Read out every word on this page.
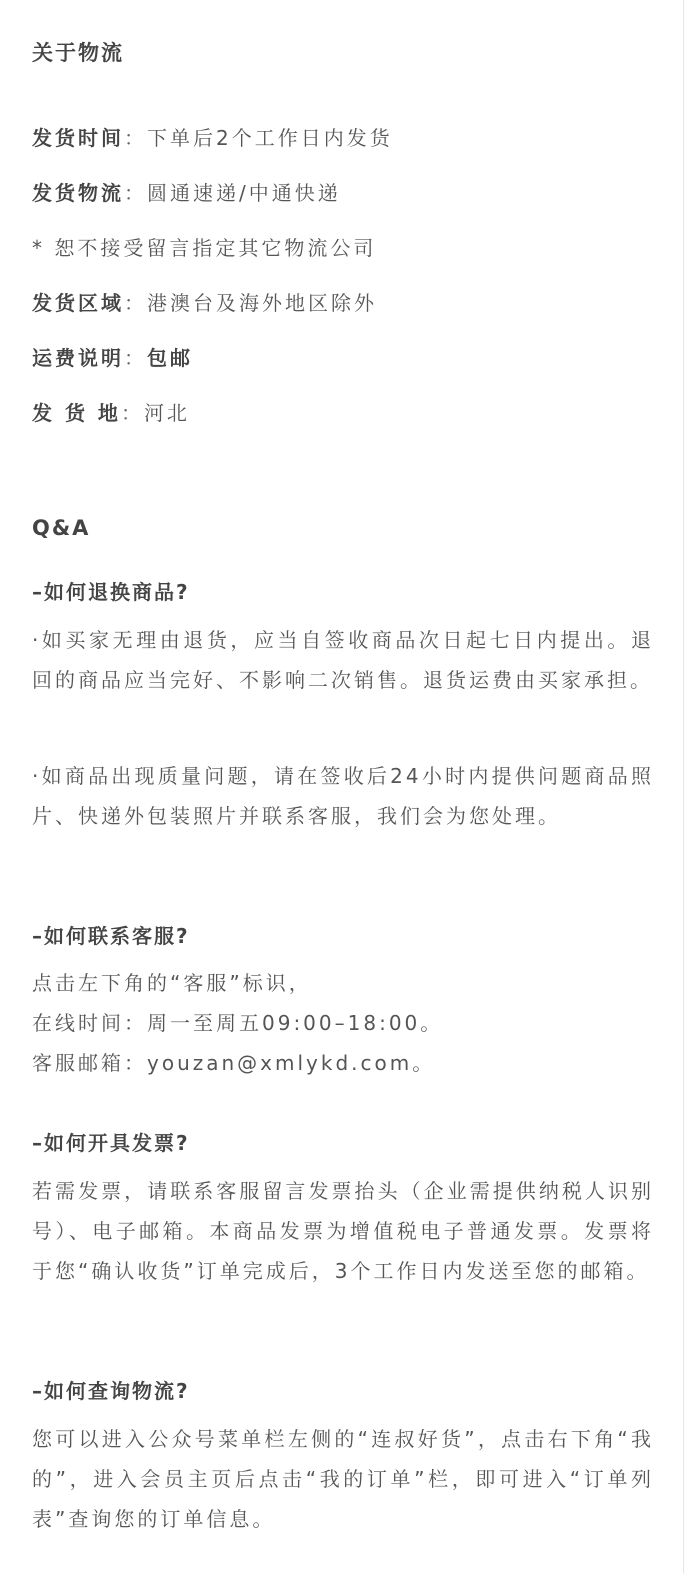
关于物流
发货时间：下单后2个工作日内发货
发货物流：圆通速递/中通快递
* 恕不接受留言指定其它物流公司
发货区域：港澳台及海外地区除外
运费说明：包邮
发 货 地：河北
Q&A
–如何退换商品?

·如买家无理由退货，应当自签收商品次日起七日内提出。退回的商品应当完好、不影响二次销售。退货运费由买家承担。

·如商品出现质量问题，请在签收后24小时内提供问题商品照片、快递外包装照片并联系客服，我们会为您处理。

–如何联系客服?
点击左下角的“客服”标识，
在线时间：周一至周五09:00–18:00。
客服邮箱：youzan@xmlykd.com。
–如何开具发票?

若需发票，请联系客服留言发票抬头（企业需提供纳税人识别号）、电子邮箱。本商品发票为增值税电子普通发票。发票将于您“确认收货”订单完成后，3个工作日内发送至您的邮箱。

–如何查询物流?

您可以进入公众号菜单栏左侧的“连叔好货”，点击右下角“我的”，进入会员主页后点击“我的订单”栏，即可进入“订单列表”查询您的订单信息。
